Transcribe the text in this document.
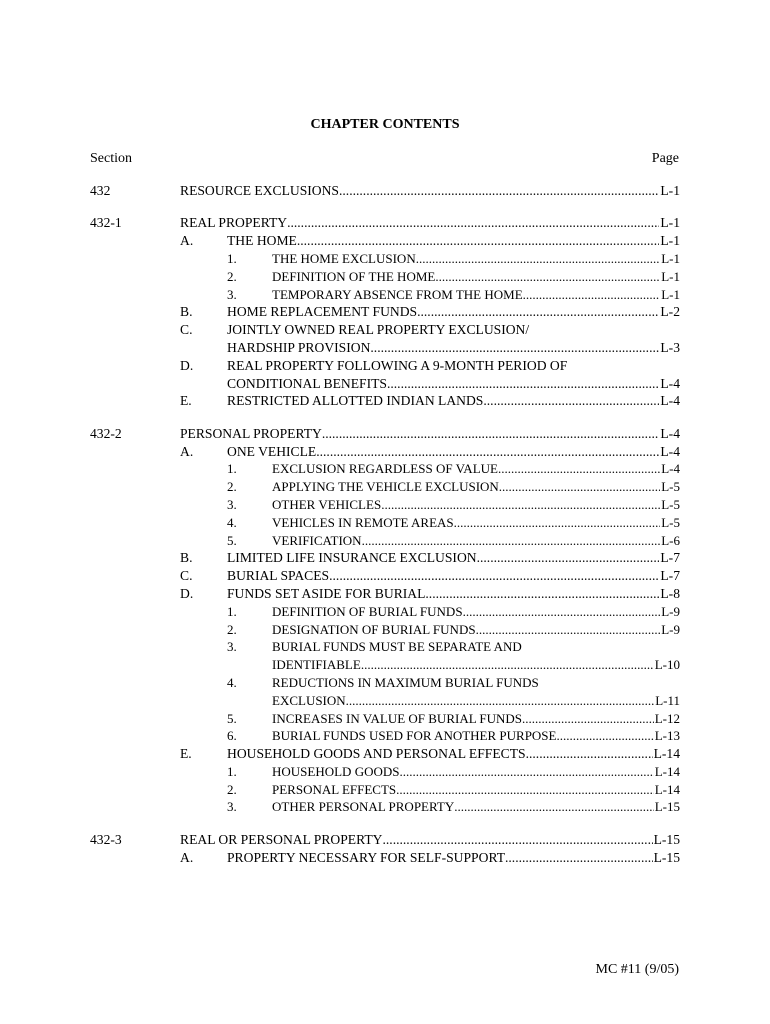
CHAPTER CONTENTS
Section	Page
432	RESOURCE EXCLUSIONS .....	L-1
432-1	REAL PROPERTY .....	L-1
A. THE HOME .....	L-1
1.	THE HOME EXCLUSION .....	L-1
2.	DEFINITION OF THE HOME .....	L-1
3.	TEMPORARY ABSENCE FROM THE HOME .....	L-1
B.	HOME REPLACEMENT FUNDS .....	L-2
C.	JOINTLY OWNED REAL PROPERTY EXCLUSION/
HARDSHIP PROVISION .....	L-3
D. REAL PROPERTY FOLLOWING A 9-MONTH PERIOD OF
CONDITIONAL BENEFITS .....	L-4
E.	RESTRICTED ALLOTTED INDIAN LANDS .....	L-4
432-2	PERSONAL PROPERTY .....	L-4
A. ONE VEHICLE .....	L-4
1.	EXCLUSION REGARDLESS OF VALUE .....	L-4
2.	APPLYING THE VEHICLE EXCLUSION .....	L-5
3.	OTHER VEHICLES .....	L-5
4.	VEHICLES IN REMOTE AREAS .....	L-5
5.	VERIFICATION .....	L-6
B.	LIMITED LIFE INSURANCE EXCLUSION .....	L-7
C.	BURIAL SPACES .....	L-7
D. FUNDS SET ASIDE FOR BURIAL .....	L-8
1.	DEFINITION OF BURIAL FUNDS .....	L-9
2.	DESIGNATION OF BURIAL FUNDS .....	L-9
3.	BURIAL FUNDS MUST BE SEPARATE AND
IDENTIFIABLE .....	L-10
4.	REDUCTIONS IN MAXIMUM BURIAL FUNDS
EXCLUSION .....	L-11
5.	INCREASES IN VALUE OF BURIAL FUNDS .....	L-12
6.	BURIAL FUNDS USED FOR ANOTHER PURPOSE .....	L-13
E.	HOUSEHOLD GOODS AND PERSONAL EFFECTS .....	L-14
1.	HOUSEHOLD GOODS .....	L-14
2.	PERSONAL EFFECTS .....	L-14
3.	OTHER PERSONAL PROPERTY .....	L-15
432-3	REAL OR PERSONAL PROPERTY .....	L-15
A. PROPERTY NECESSARY FOR SELF-SUPPORT .....	L-15
MC #11 (9/05)
